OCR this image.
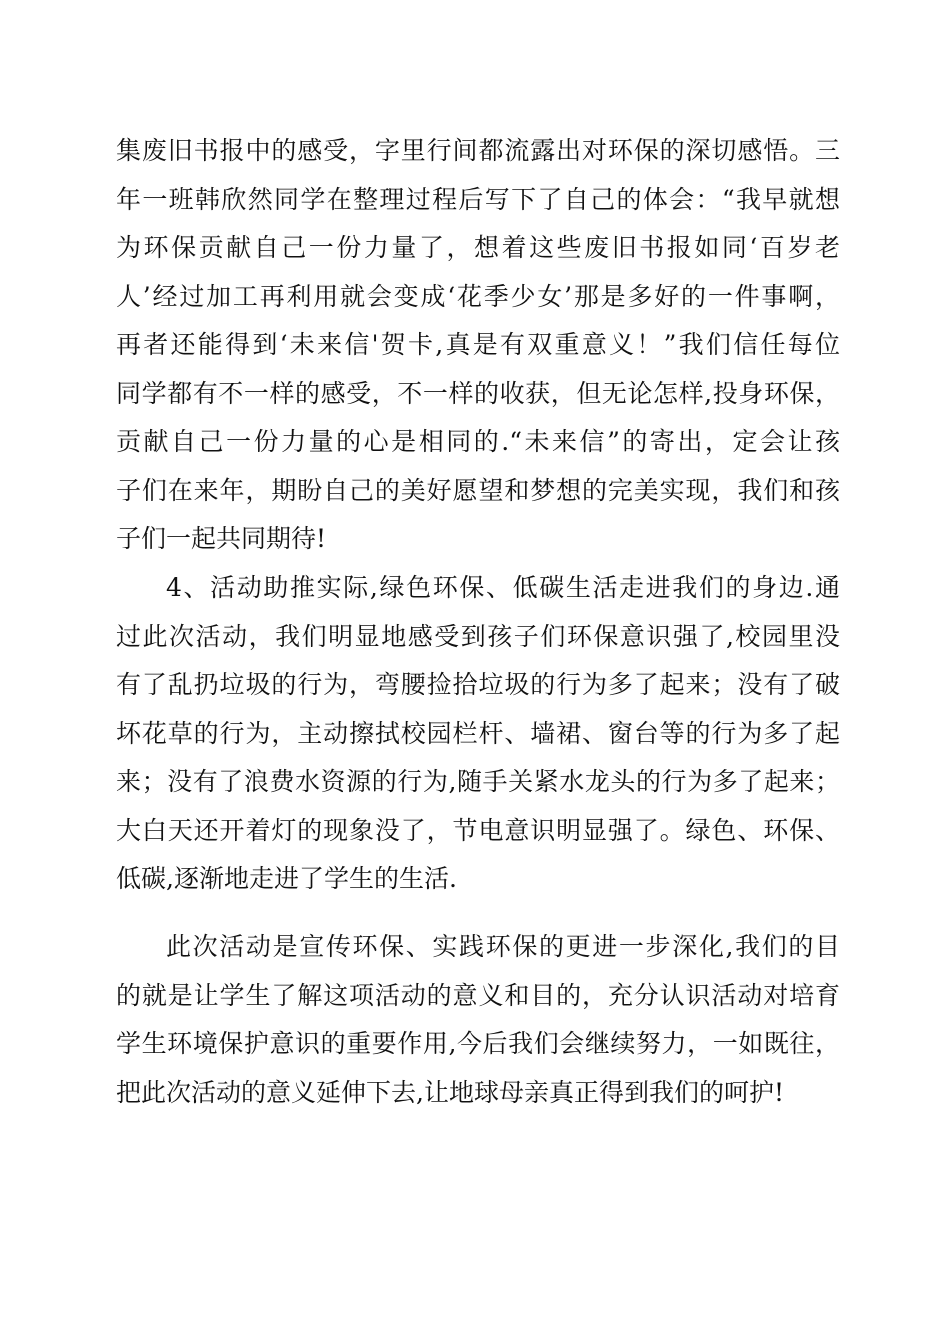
集废旧书报中的感受，字里行间都流露出对环保的深切感悟。三
年一班韩欣然同学在整理过程后写下了自己的体会：“我早就想
为环保贡献自己一份力量了，想着这些废旧书报如同‘百岁老
人’经过加工再利用就会变成‘花季少女’那是多好的一件事啊，
再者还能得到‘未来信'贺卡,真是有双重意义！”我们信任每位
同学都有不一样的感受，不一样的收获，但无论怎样,投身环保，
贡献自己一份力量的心是相同的.“未来信”的寄出，定会让孩
子们在来年，期盼自己的美好愿望和梦想的完美实现，我们和孩
子们一起共同期待!
4、活动助推实际,绿色环保、低碳生活走进我们的身边.通
过此次活动，我们明显地感受到孩子们环保意识强了,校园里没
有了乱扔垃圾的行为，弯腰捡拾垃圾的行为多了起来；没有了破
坏花草的行为，主动擦拭校园栏杆、墙裙、窗台等的行为多了起
来；没有了浪费水资源的行为,随手关紧水龙头的行为多了起来；
大白天还开着灯的现象没了，节电意识明显强了。绿色、环保、
低碳,逐渐地走进了学生的生活.
此次活动是宣传环保、实践环保的更进一步深化,我们的目
的就是让学生了解这项活动的意义和目的，充分认识活动对培育
学生环境保护意识的重要作用,今后我们会继续努力，一如既往，
把此次活动的意义延伸下去,让地球母亲真正得到我们的呵护!
